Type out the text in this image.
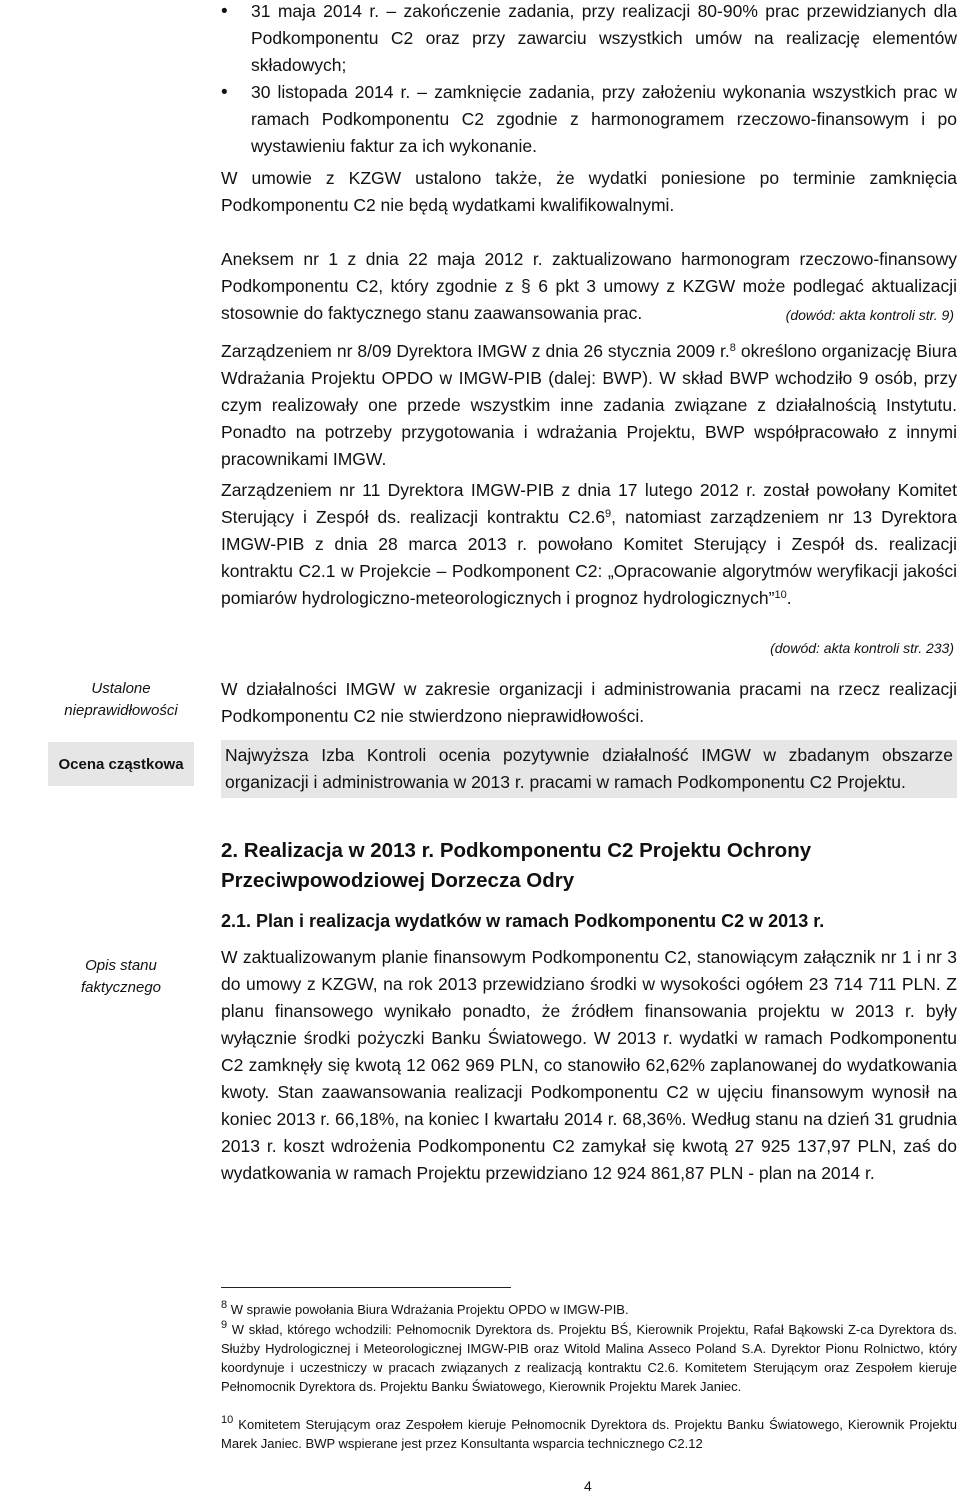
• 31 maja 2014 r. – zakończenie zadania, przy realizacji 80-90% prac przewidzianych dla Podkomponentu C2 oraz przy zawarciu wszystkich umów na realizację elementów składowych;

• 30 listopada 2014 r. – zamknięcie zadania, przy założeniu wykonania wszystkich prac w ramach Podkomponentu C2 zgodnie z harmonogramem rzeczowo-finansowym i po wystawieniu faktur za ich wykonanie.

W umowie z KZGW ustalono także, że wydatki poniesione po terminie zamknięcia Podkomponentu C2 nie będą wydatkami kwalifikowalnymi.

Aneksem nr 1 z dnia 22 maja 2012 r. zaktualizowano harmonogram rzeczowo-finansowy Podkomponentu C2, który zgodnie z § 6 pkt 3 umowy z KZGW może podlegać aktualizacji stosownie do faktycznego stanu zaawansowania prac.	(dowód: akta kontroli str. 9)

Zarządzeniem nr 8/09 Dyrektora IMGW z dnia 26 stycznia 2009 r.$^8$ określono organizację Biura Wdrażania Projektu OPDO w IMGW-PIB (dalej: BWP). W skład BWP wchodziło 9 osób, przy czym realizowały one przede wszystkim inne zadania związane z działalnością Instytutu. Ponadto na potrzeby przygotowania i wdrażania Projektu, BWP współpracowało z innymi pracownikami IMGW.

Zarządzeniem nr 11 Dyrektora IMGW-PIB z dnia 17 lutego 2012 r. został powołany Komitet Sterujący i Zespół ds. realizacji kontraktu $C2.6^9$, natomiast zarządzeniem nr 13 Dyrektora IMGW-PIB z dnia 28 marca 2013 r. powołano Komitet Sterujący i Zespół ds. realizacji kontraktu C2.1 w Projekcie – Podkomponent C2: „Opracowanie algorytmów weryfikacji jakości pomiarów hydrologiczno-meteorologicznych i prognoz hydrologicznych”$^{10}$.

(dowód: akta kontroli str. 233)
Ustalone nieprawidłowości

W działalności IMGW w zakresie organizacji i administrowania pracami na rzecz realizacji Podkomponentu C2 nie stwierdzono nieprawidłowości.

Ocena cząstkowa	Najwyższa Izba Kontroli ocenia pozytywnie działalność IMGW w zbadanym obszarze organizacji i administrowania w 2013 r. pracami w ramach Podkomponentu C2 Projektu.
2. Realizacja w 2013 r. Podkomponentu C2 Projektu Ochrony Przeciwpowodziowej Dorzecza Odry
2.1. Plan i realizacja wydatków w ramach Podkomponentu C2 w 2013 r.
Opis stanu faktycznego

W zaktualizowanym planie finansowym Podkomponentu C2, stanowiącym załącznik nr 1 i nr 3 do umowy z KZGW, na rok 2013 przewidziano środki w wysokości ogółem 23 714 711 PLN. Z planu finansowego wynikało ponadto, że źródłem finansowania projektu w 2013 r. były wyłącznie środki pożyczki Banku Światowego. W 2013 r. wydatki w ramach Podkomponentu C2 zamknęły się kwotą 12 062 969 PLN, co stanowiło 62,62% zaplanowanej do wydatkowania kwoty. Stan zaawansowania realizacji Podkomponentu C2 w ujęciu finansowym wynosił na koniec 2013 r. 66,18%, na koniec I kwartału 2014 r. 68,36%. Według stanu na dzień 31 grudnia 2013 r. koszt wdrożenia Podkomponentu C2 zamykał się kwotą 27 925 137,97 PLN, zaś do wydatkowania w ramach Projektu przewidziano 12 924 861,87 PLN - plan na 2014 r.

$^8$ W sprawie powołania Biura Wdrażania Projektu OPDO w IMGW-PIB.

$^9$ W skład, którego wchodzili: Pełnomocnik Dyrektora ds. Projektu BŚ, Kierownik Projektu, Rafał Bąkowski Z-ca Dyrektora ds. Służby Hydrologicznej i Meteorologicznej IMGW-PIB oraz Witold Malina Asseco Poland S.A. Dyrektor Pionu Rolnictwo, który koordynuje i uczestniczy w pracach związanych z realizacją kontraktu C2.6. Komitetem Sterującym oraz Zespołem kieruje Pełnomocnik Dyrektora ds. Projektu Banku Światowego, Kierownik Projektu Marek Janiec.

$^{10}$ Komitetem Sterującym oraz Zespołem kieruje Pełnomocnik Dyrektora ds. Projektu Banku Światowego, Kierownik Projektu Marek Janiec. BWP wspierane jest przez Konsultanta wsparcia technicznego C2.12

4
